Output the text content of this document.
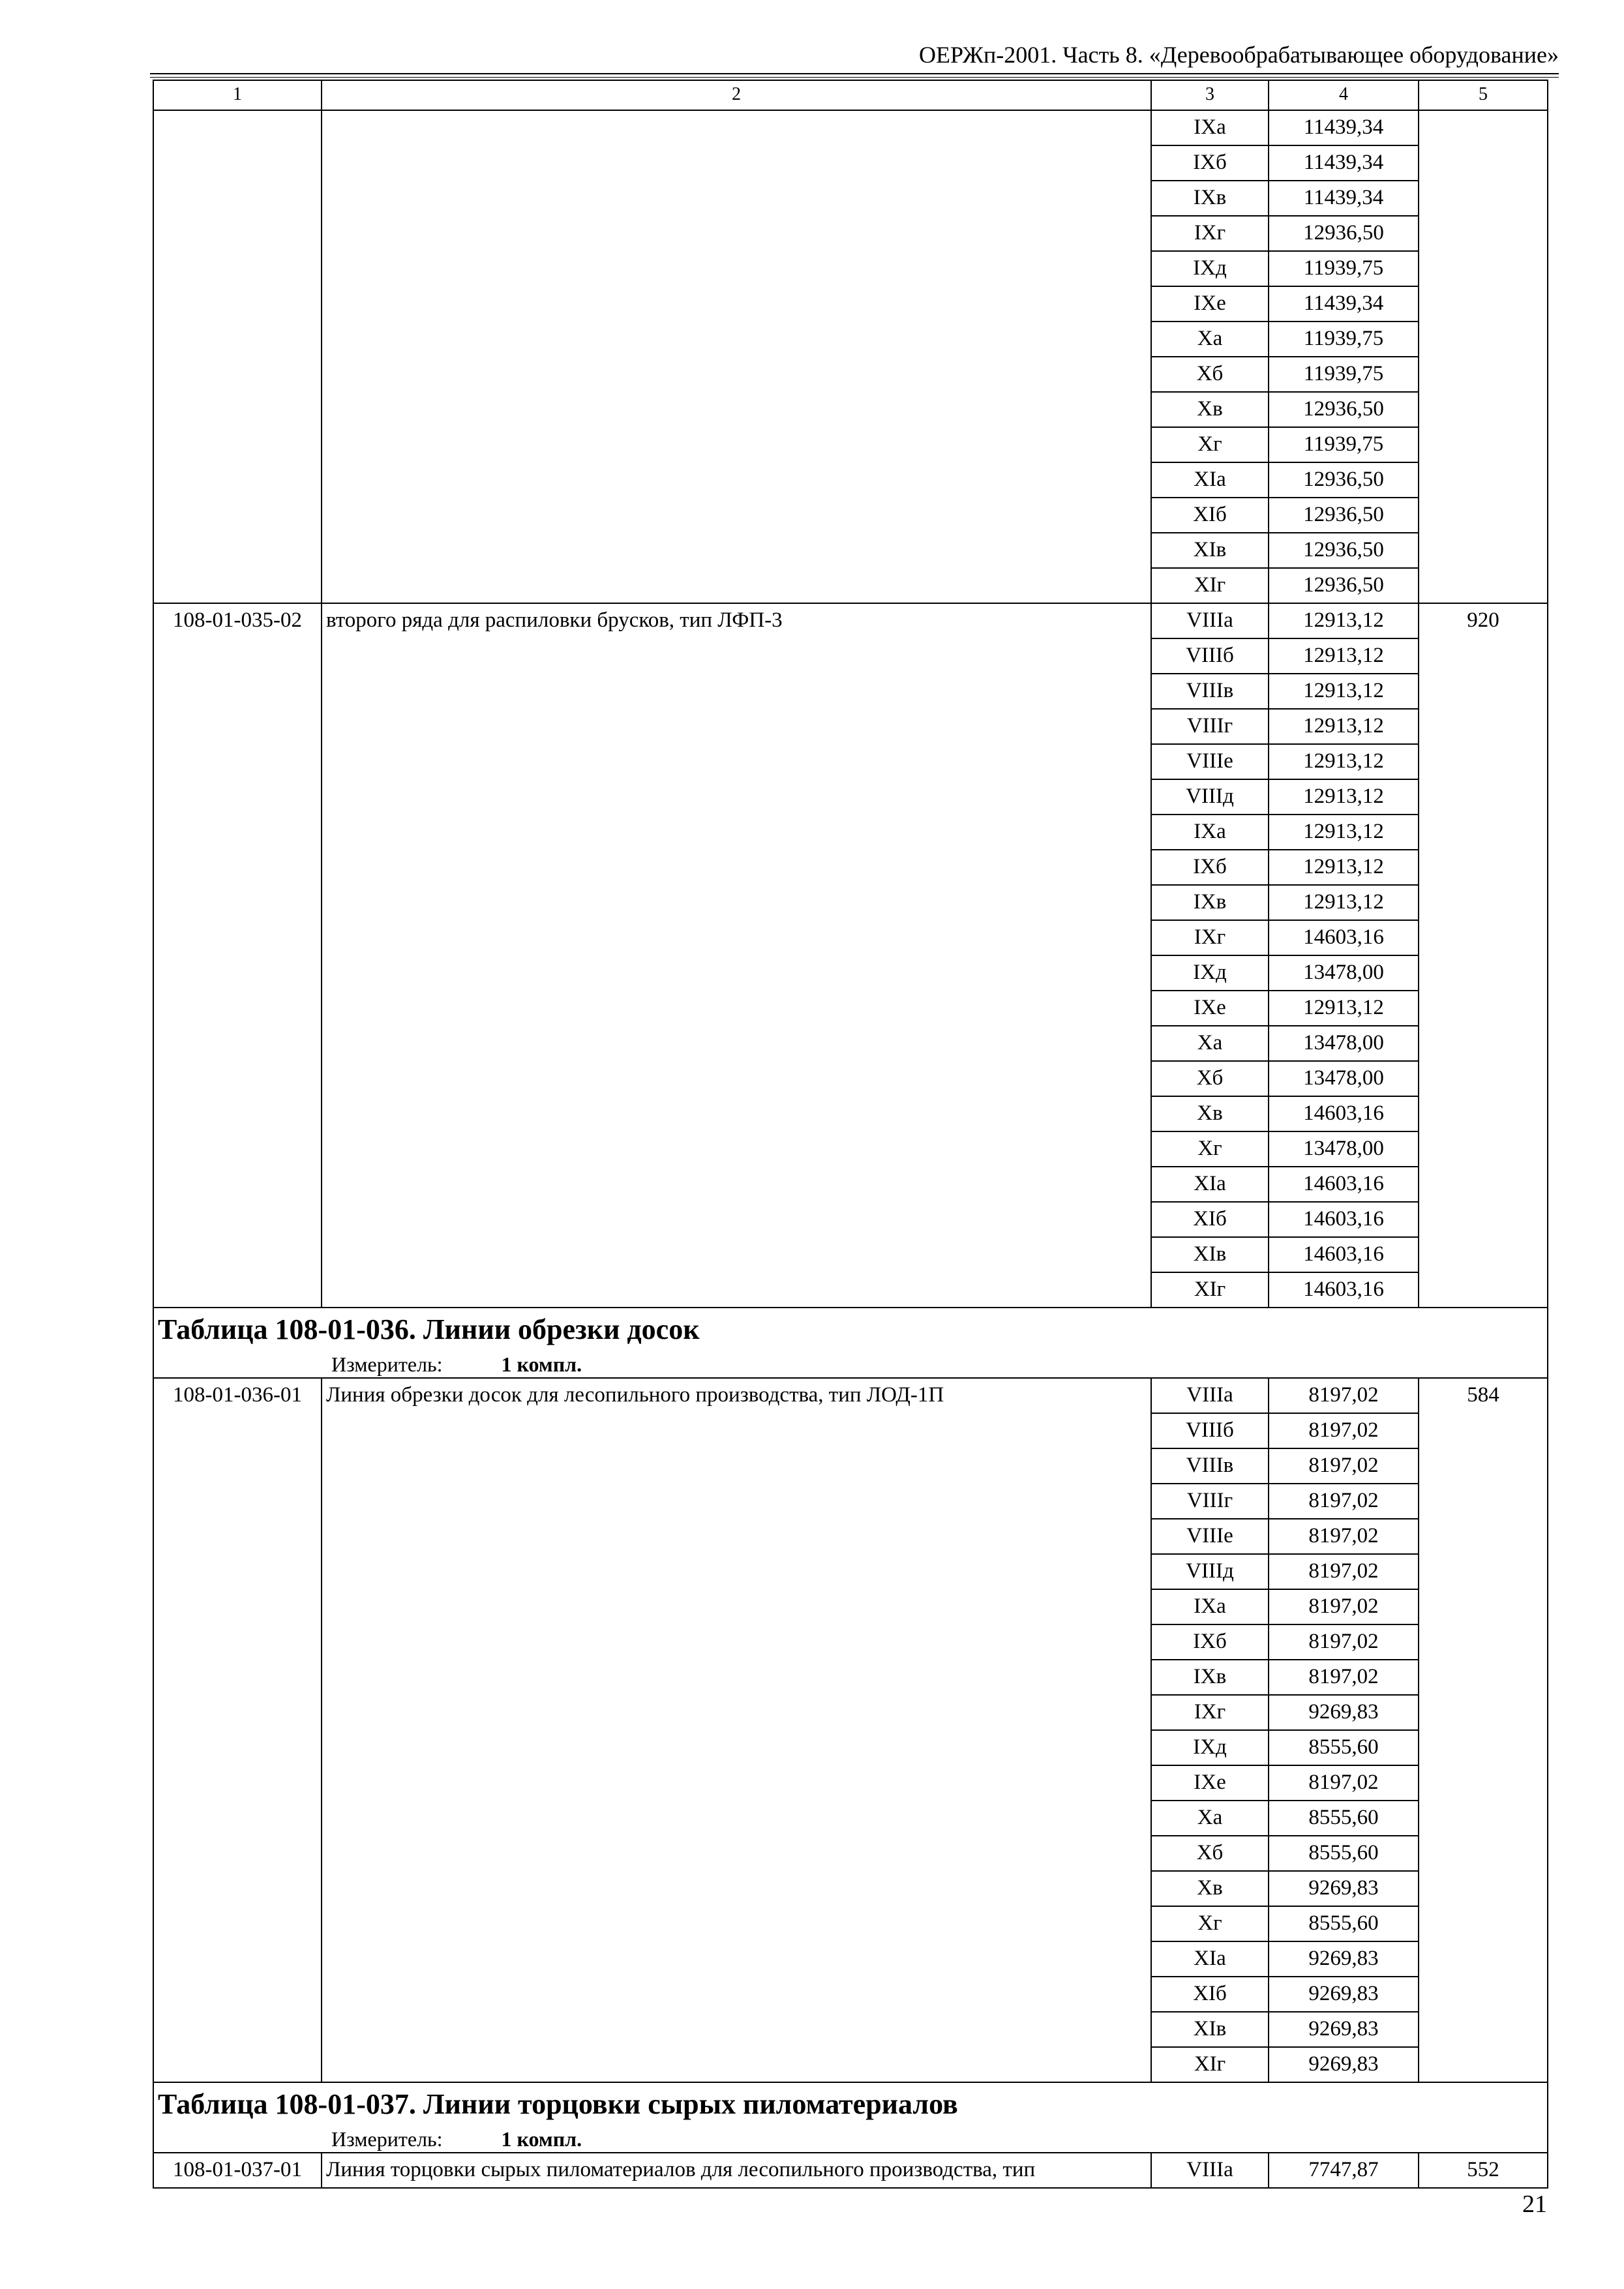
ОЕРЖп-2001. Часть 8. «Деревообрабатывающее оборудование»
1	2	3	4	5
		IXa	11439,34	
		IXб	11439,34	
		IXв	11439,34	
		IXг	12936,50	
		IXд	11939,75	
		IXе	11439,34	
		Xa	11939,75	
		Xб	11939,75	
		Xв	12936,50	
		Xг	11939,75	
		XIa	12936,50	
		XIб	12936,50	
		XIв	12936,50	
		XIг	12936,50	
108-01-035-02	второго ряда для распиловки брусков, тип ЛФП-3	VIIIa	12913,12	920
		VIIIб	12913,12	
		VIIIв	12913,12	
		VIIIг	12913,12	
		VIIIе	12913,12	
		VIIIд	12913,12	
		IXa	12913,12	
		IXб	12913,12	
		IXв	12913,12	
		IXг	14603,16	
		IXд	13478,00	
		IXе	12913,12	
		Xa	13478,00	
		Xб	13478,00	
		Xв	14603,16	
		Xг	13478,00	
		XIa	14603,16	
		XIб	14603,16	
		XIв	14603,16	
		XIг	14603,16	

Таблица 108-01-036. Линии обрезки досок
Измеритель: 1 компл.				

108-01-036-01	Линия обрезки досок для лесопильного производства, тип ЛОД-1П	VIIIa	8197,02	584
		VIIIб	8197,02	
		VIIIв	8197,02	
		VIIIг	8197,02	
		VIIIе	8197,02	
		VIIIд	8197,02	
		IXa	8197,02	
		IXб	8197,02	
		IXв	8197,02	
		IXг	9269,83	
		IXд	8555,60	
		IXе	8197,02	
		Xa	8555,60	
		Xб	8555,60	
		Xв	9269,83	
		Xг	8555,60	
		XIa	9269,83	
		XIб	9269,83	
		XIв	9269,83	
		XIг	9269,83	

Таблица 108-01-037. Линии торцовки сырых пиломатериалов
Измеритель: 1 компл.				

108-01-037-01	Линия торцовки сырых пиломатериалов для лесопильного производства, тип	VIIIa	7747,87	552
21
